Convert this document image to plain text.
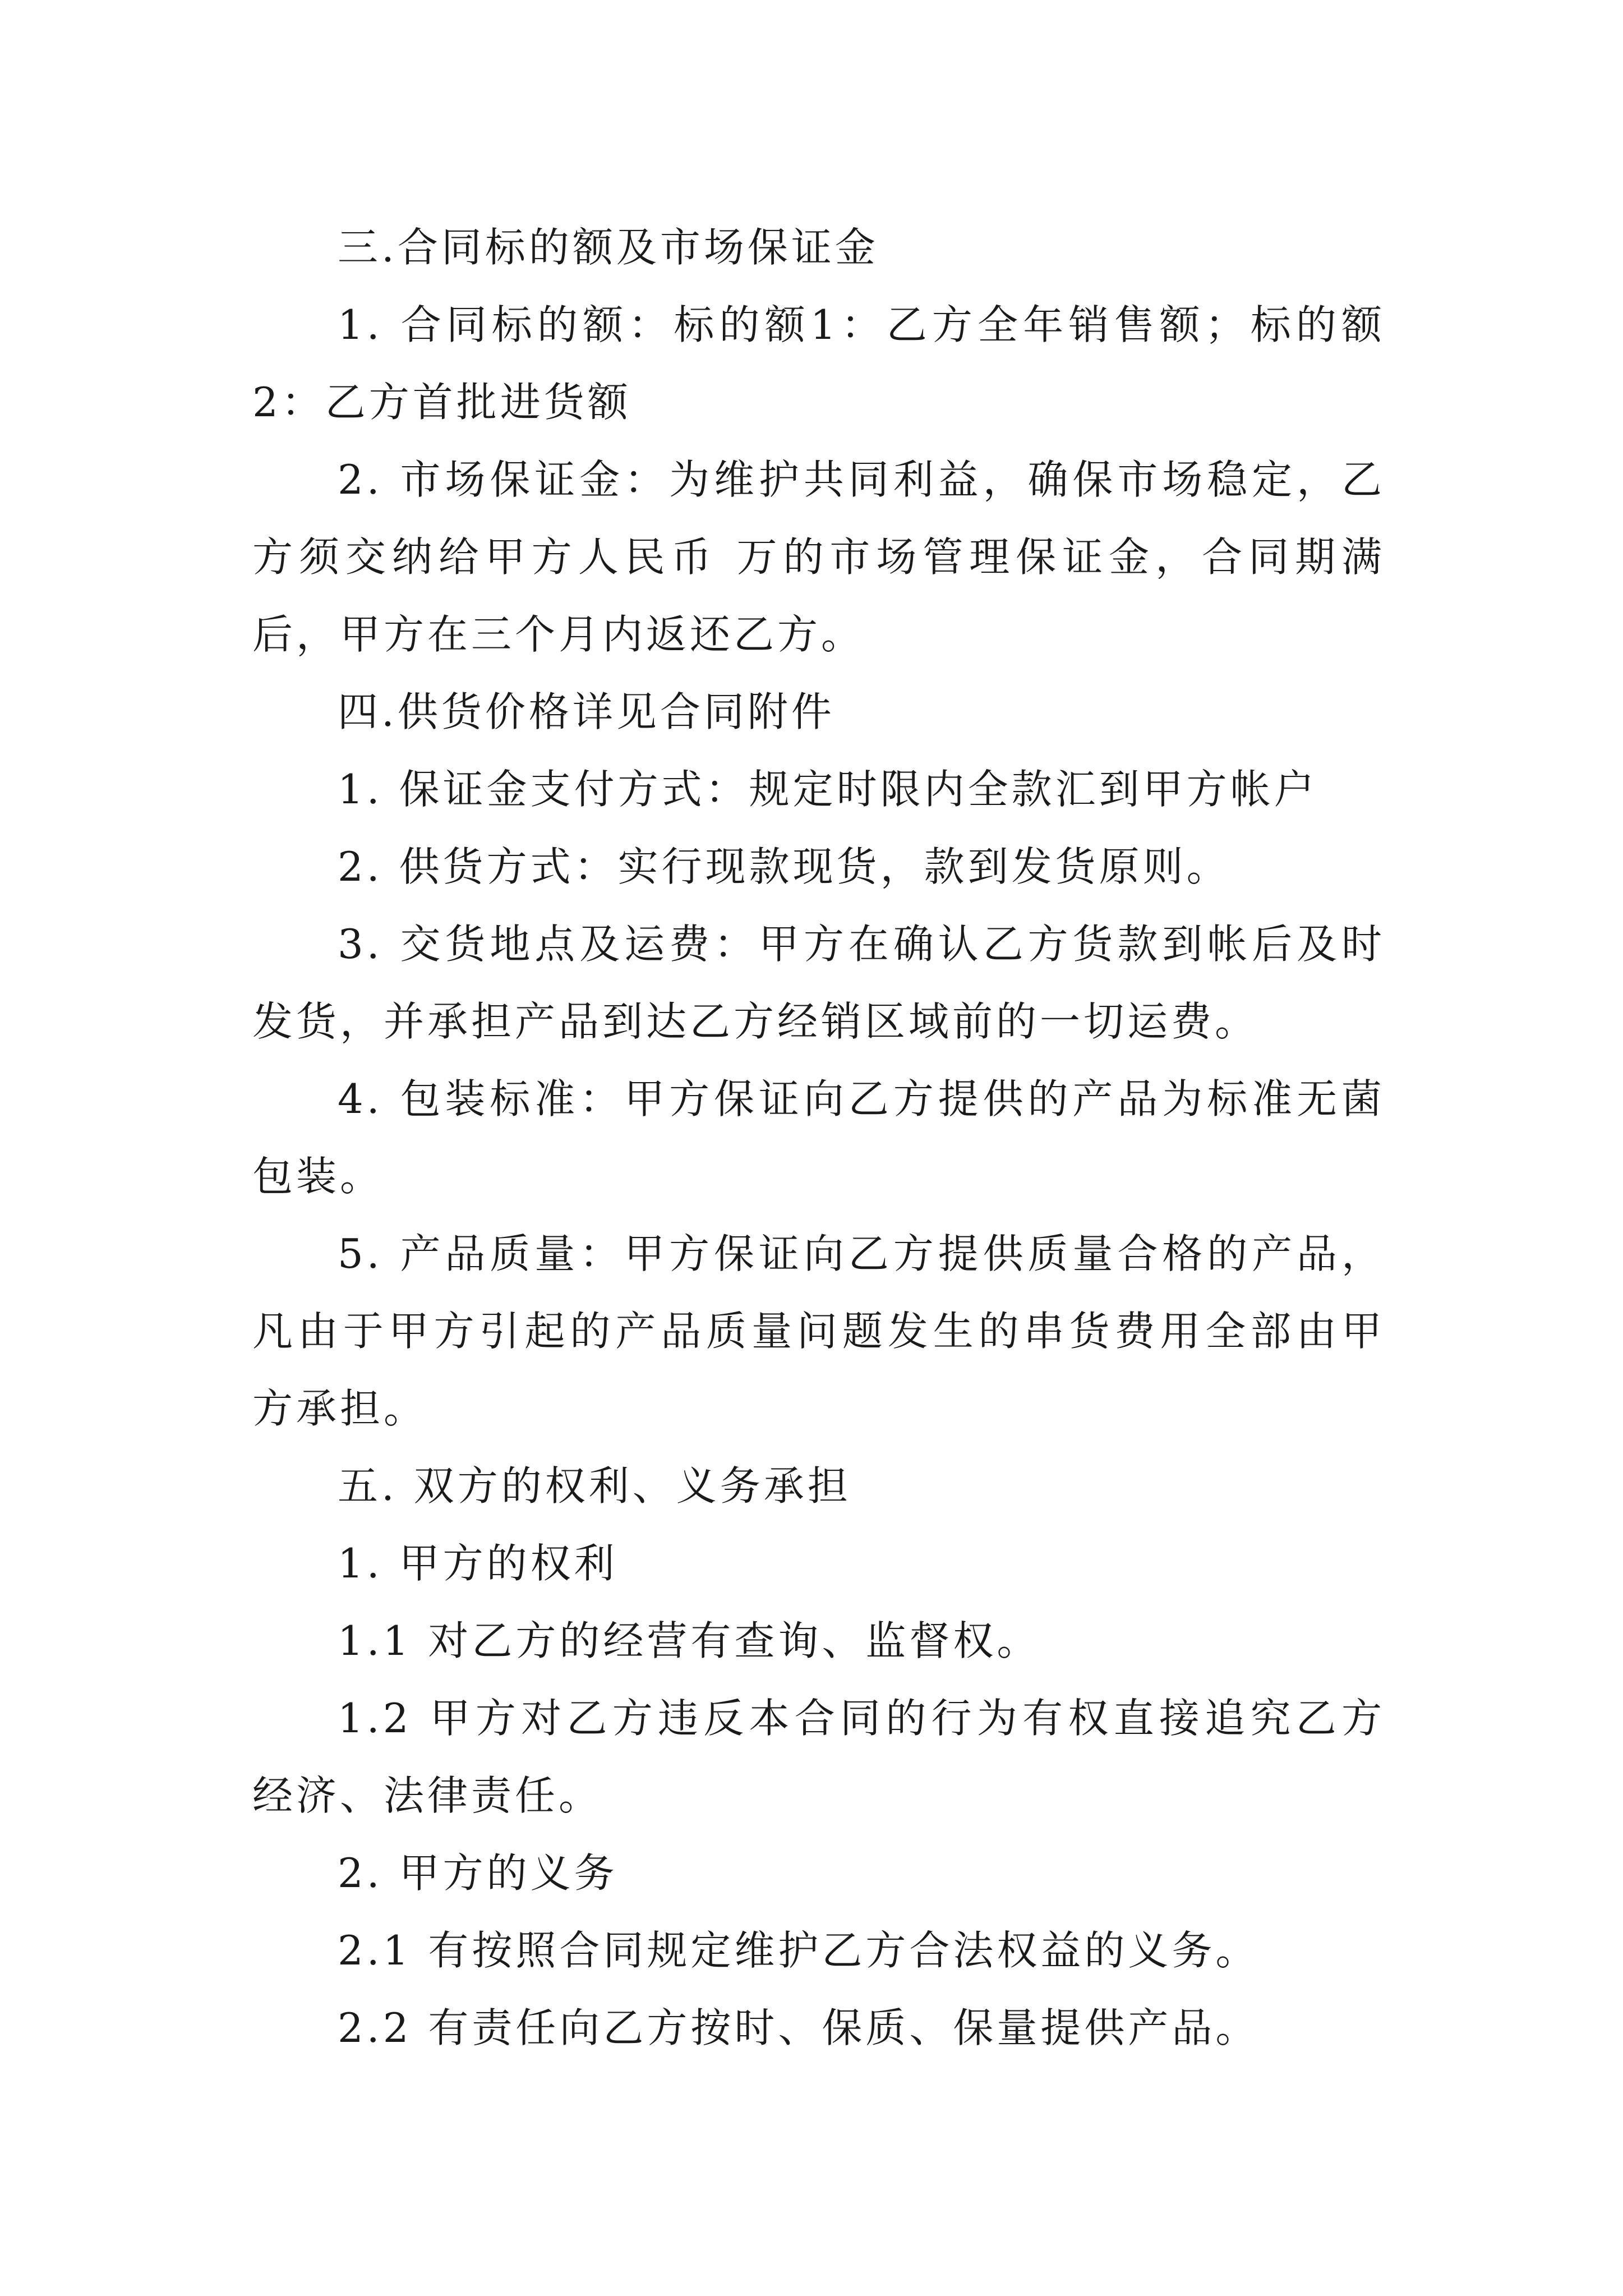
三.合同标的额及市场保证金

1. 合同标的额：标的额1：乙方全年销售额；标的额2：乙方首批进货额

2. 市场保证金：为维护共同利益，确保市场稳定，乙方须交纳给甲方人民币 万的市场管理保证金，合同期满后，甲方在三个月内返还乙方。

四.供货价格详见合同附件

1. 保证金支付方式：规定时限内全款汇到甲方帐户

2. 供货方式：实行现款现货，款到发货原则。

3. 交货地点及运费：甲方在确认乙方货款到帐后及时发货，并承担产品到达乙方经销区域前的一切运费。

4. 包装标准：甲方保证向乙方提供的产品为标准无菌包装。

5. 产品质量：甲方保证向乙方提供质量合格的产品，凡由于甲方引起的产品质量问题发生的串货费用全部由甲方承担。

五. 双方的权利、义务承担

1. 甲方的权利

1.1 对乙方的经营有查询、监督权。

1.2 甲方对乙方违反本合同的行为有权直接追究乙方经济、法律责任。

2. 甲方的义务

2.1 有按照合同规定维护乙方合法权益的义务。

2.2 有责任向乙方按时、保质、保量提供产品。
